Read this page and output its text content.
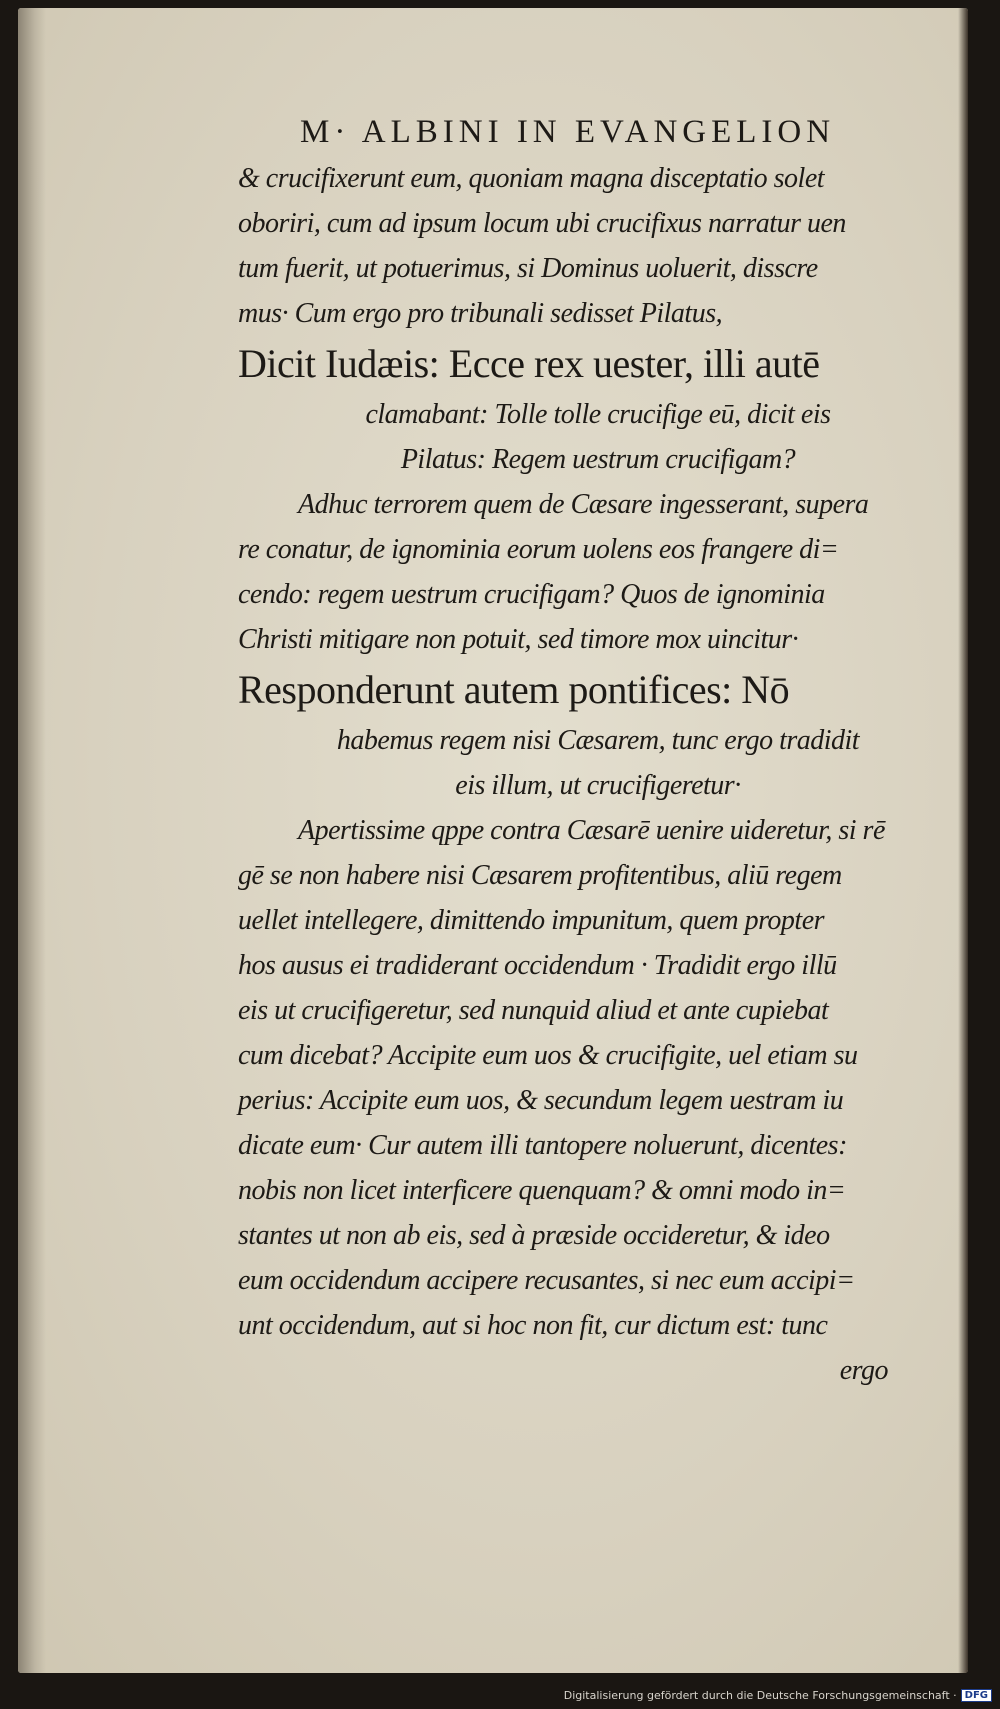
M· ALBINI IN EVANGELION
& crucifixerunt eum, quoniam magna disceptatio solet
oboriri, cum ad ipsum locum ubi crucifixus narratur uen
tum fuerit, ut potuerimus, si Dominus uoluerit, disscre
mus· Cum ergo pro tribunali sedisset Pilatus,
Dicit Iudæis: Ecce rex uester, illi autē
clamabant: Tolle tolle crucifige eū, dicit eis
Pilatus: Regem uestrum crucifigam?
Adhuc terrorem quem de Cæsare ingesserant, supera
re conatur, de ignominia eorum uolens eos frangere di=
cendo: regem uestrum crucifigam? Quos de ignominia
Christi mitigare non potuit, sed timore mox uincitur·
Responderunt autem pontifices: Nō
habemus regem nisi Cæsarem, tunc ergo tradidit
eis illum, ut crucifigeretur·
Apertissime qppe contra Cæsarē uenire uideretur, si rē
gē se non habere nisi Cæsarem profitentibus, aliū regem
uellet intellegere, dimittendo impunitum, quem propter
hos ausus ei tradiderant occidendum · Tradidit ergo illū
eis ut crucifigeretur, sed nunquid aliud et ante cupiebat
cum dicebat? Accipite eum uos & crucifigite, uel etiam su
perius: Accipite eum uos, & secundum legem uestram iu
dicate eum· Cur autem illi tantopere noluerunt, dicentes:
nobis non licet interficere quenquam? & omni modo in=
stantes ut non ab eis, sed à præside occideretur, & ideo
eum occidendum accipere recusantes, si nec eum accipi=
unt occidendum, aut si hoc non fit, cur dictum est: tunc
ergo
Digitalisierung gefördert durch die Deutsche Forschungsgemeinschaft · DFG
